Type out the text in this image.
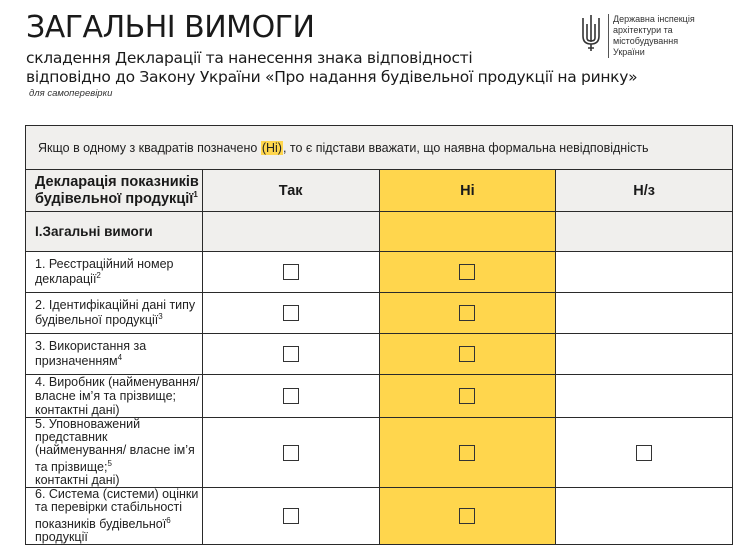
ЗАГАЛЬНІ ВИМОГИ
складення Декларації та нанесення знака відповідності
відповідно до Закону України «Про надання будівельної продукції на ринку»
для самоперевірки
Державна інспекція
архітектури та містобудування
України
Якщо в одному з квадратів позначено (Ні), то є підстави вважати, що наявна формальна невідповідність			
Декларація показників будівельної продукції$^1$	Так	Ні	Н/з
І.Загальні вимоги			
1. Реєстраційний номер декларації$^2$			
2. Ідентифікаційні дані типу будівельної продукції$^3$			
3. Використання за призначенням$^4$			
4. Виробник (найменування/ власне ім’я та прізвище; контактні дані)			
5. Уповноважений представник (найменування/ власне ім’я та прізвище;$^5$
контактні дані)			
6. Система (системи) оцінки та перевірки стабільності показників будівельної$^6$
продукції			
